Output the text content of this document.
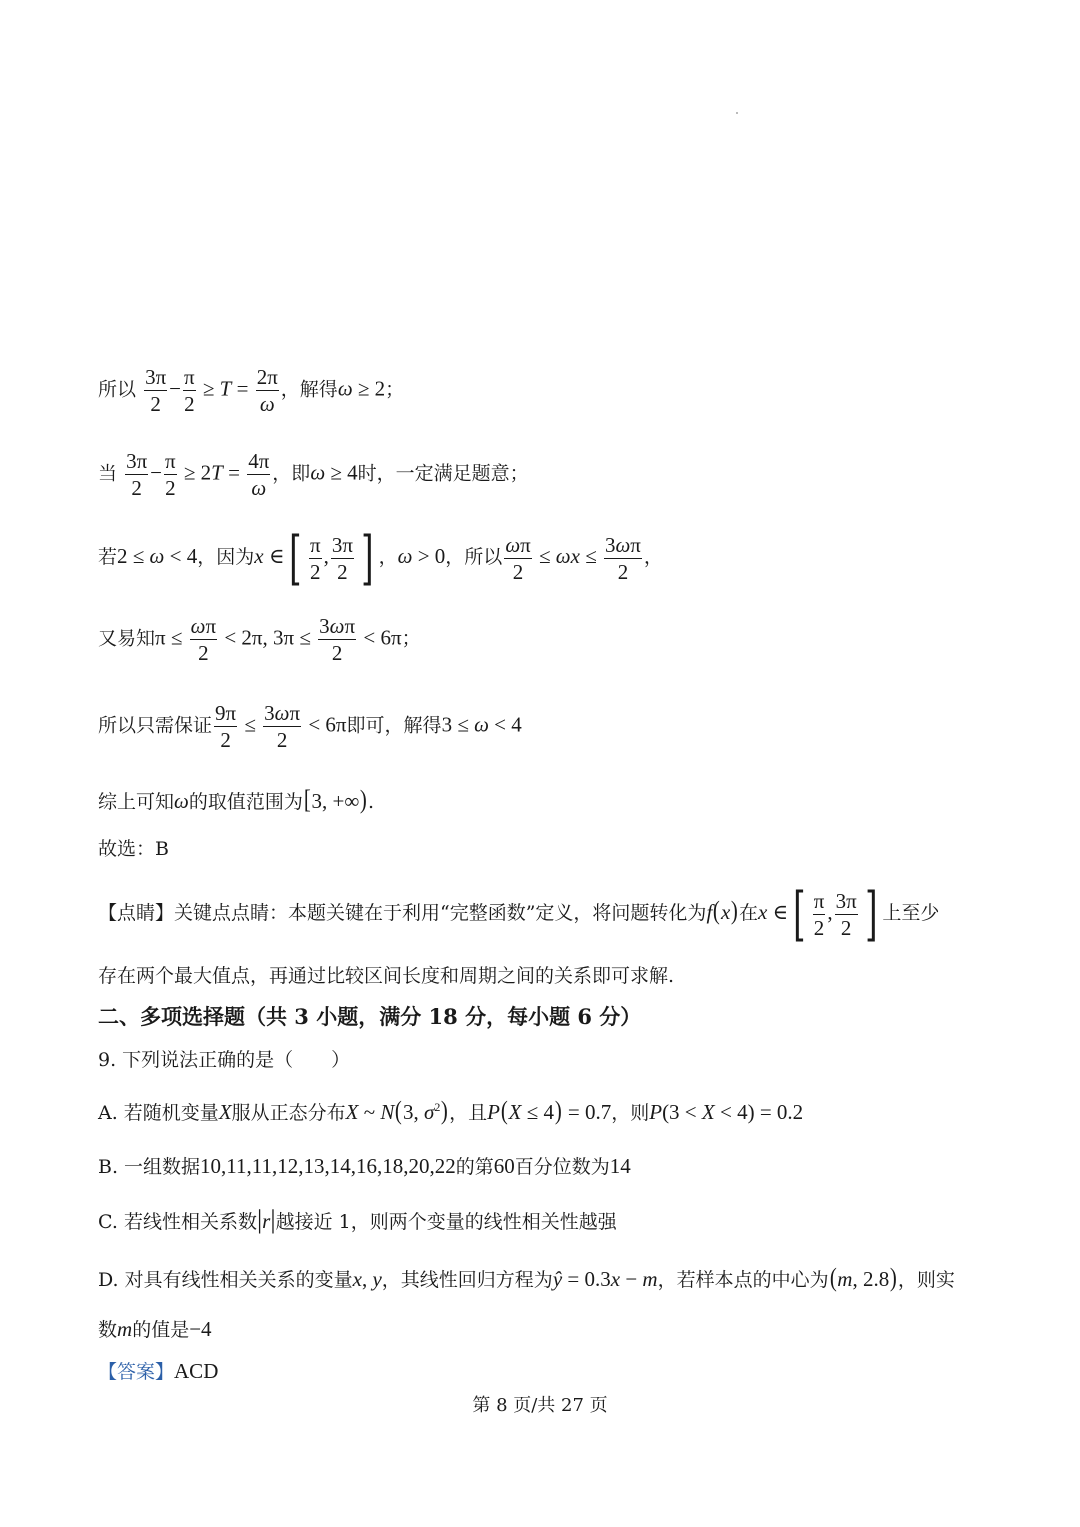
所以 $\frac{3\pi}{2} - \frac{\pi}{2} \ge T = \frac{2\pi}{\omega}$ ，解得ω ≥ 2；
当 $\frac{3\pi}{2} - \frac{\pi}{2} \ge 2T = \frac{4\pi}{\omega}$ ，即ω ≥ 4时，一定满足题意；
若2 ≤ ω < 4，因为x ∈[ $\frac{\pi}{2}$ , $\frac{3\pi}{2}$ ] ，ω > 0，所以 $\frac{\omega\pi}{2} \le \omega x \le \frac{3\omega\pi}{2}$ ，
又易知$\pi \le \frac{\omega\pi}{2} < 2\pi$, $3\pi \le \frac{3\omega\pi}{2} < 6\pi$；
所以只需保证 $\frac{9\pi}{2} \le \frac{3\omega\pi}{2} < 6\pi$即可，解得3 ≤ ω < 4
综上可知ω的取值范围为[3, +∞).
故选：B
【点睛】关键点点睛：本题关键在于利用“完整函数”定义，将问题转化为f(x)在x ∈[ $\frac{\pi}{2}$ , $\frac{3\pi}{2}$ ] 上至少
存在两个最大值点，再通过比较区间长度和周期之间的关系即可求解.
二、多项选择题（共 3 小题，满分 18 分，每小题 6 分）
9. 下列说法正确的是（　　）
A. 若随机变量X服从正态分布X ~ N(3, $\sigma^2$)，且P(X ≤ 4) = 0.7，则P(3 < X < 4) = 0.2
B. 一组数据10,11,11,12,13,14,16,18,20,22的第60百分位数为14
C. 若线性相关系数|r|越接近 1，则两个变量的线性相关性越强
D. 对具有线性相关关系的变量x, y，其线性回归方程为ŷ = 0.3x − m，若样本点的中心为(m, 2.8)，则实
数m的值是−4
【答案】ACD
第 8 页/共 27 页
